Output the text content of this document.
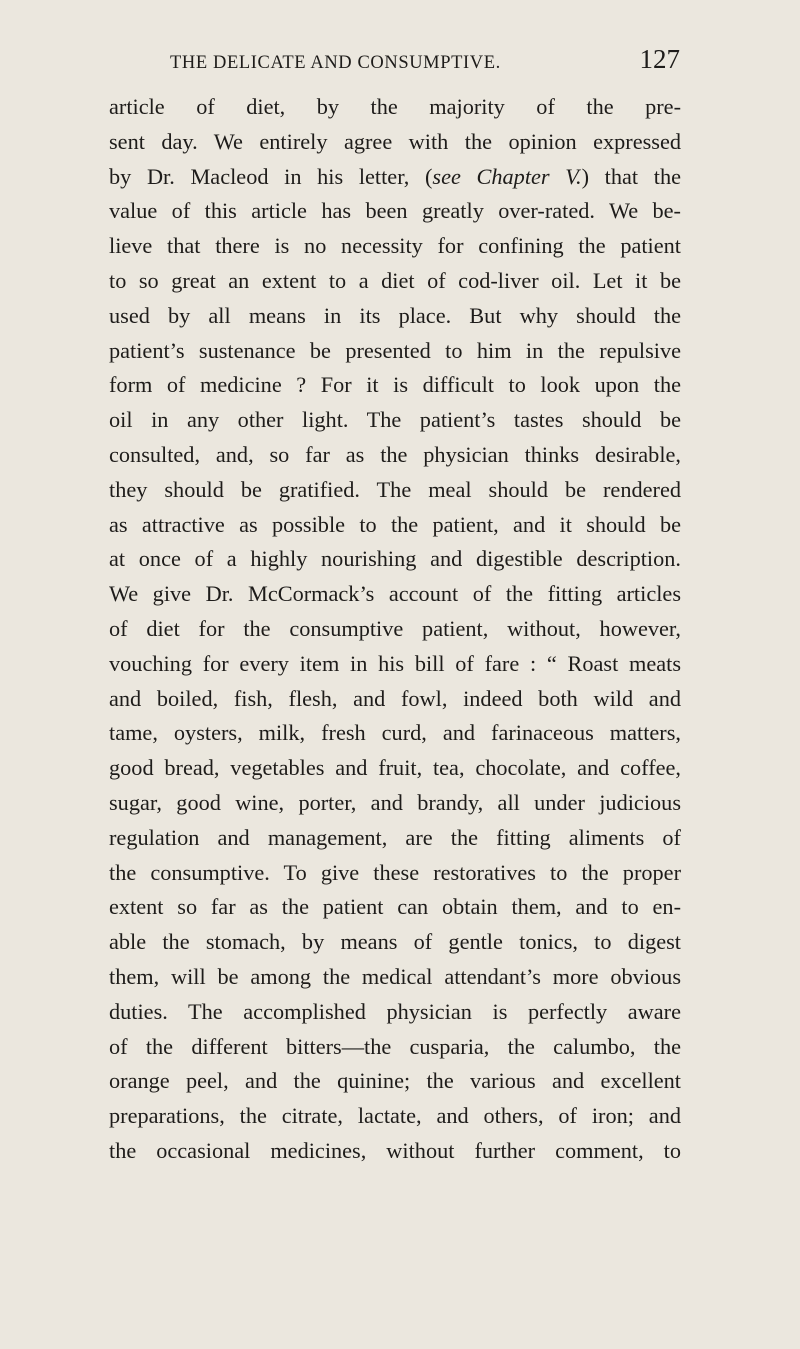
THE DELICATE AND CONSUMPTIVE.	127
article of diet, by the majority of the pre-
sent day. We entirely agree with the opinion expressed
by Dr. Macleod in his letter, (see Chapter V.) that the
value of this article has been greatly over-rated. We be-
lieve that there is no necessity for confining the patient
to so great an extent to a diet of cod-liver oil. Let it be
used by all means in its place. But why should the
patient’s sustenance be presented to him in the repulsive
form of medicine ? For it is difficult to look upon the
oil in any other light. The patient’s tastes should be
consulted, and, so far as the physician thinks desirable,
they should be gratified. The meal should be rendered
as attractive as possible to the patient, and it should be
at once of a highly nourishing and digestible description.
We give Dr. McCormack’s account of the fitting articles
of diet for the consumptive patient, without, however,
vouching for every item in his bill of fare : “ Roast meats
and boiled, fish, flesh, and fowl, indeed both wild and
tame, oysters, milk, fresh curd, and farinaceous matters,
good bread, vegetables and fruit, tea, chocolate, and coffee,
sugar, good wine, porter, and brandy, all under judicious
regulation and management, are the fitting aliments of
the consumptive. To give these restoratives to the proper
extent so far as the patient can obtain them, and to en-
able the stomach, by means of gentle tonics, to digest
them, will be among the medical attendant’s more obvious
duties. The accomplished physician is perfectly aware
of the different bitters—the cusparia, the calumbo, the
orange peel, and the quinine; the various and excellent
preparations, the citrate, lactate, and others, of iron; and
the occasional medicines, without further comment, to
